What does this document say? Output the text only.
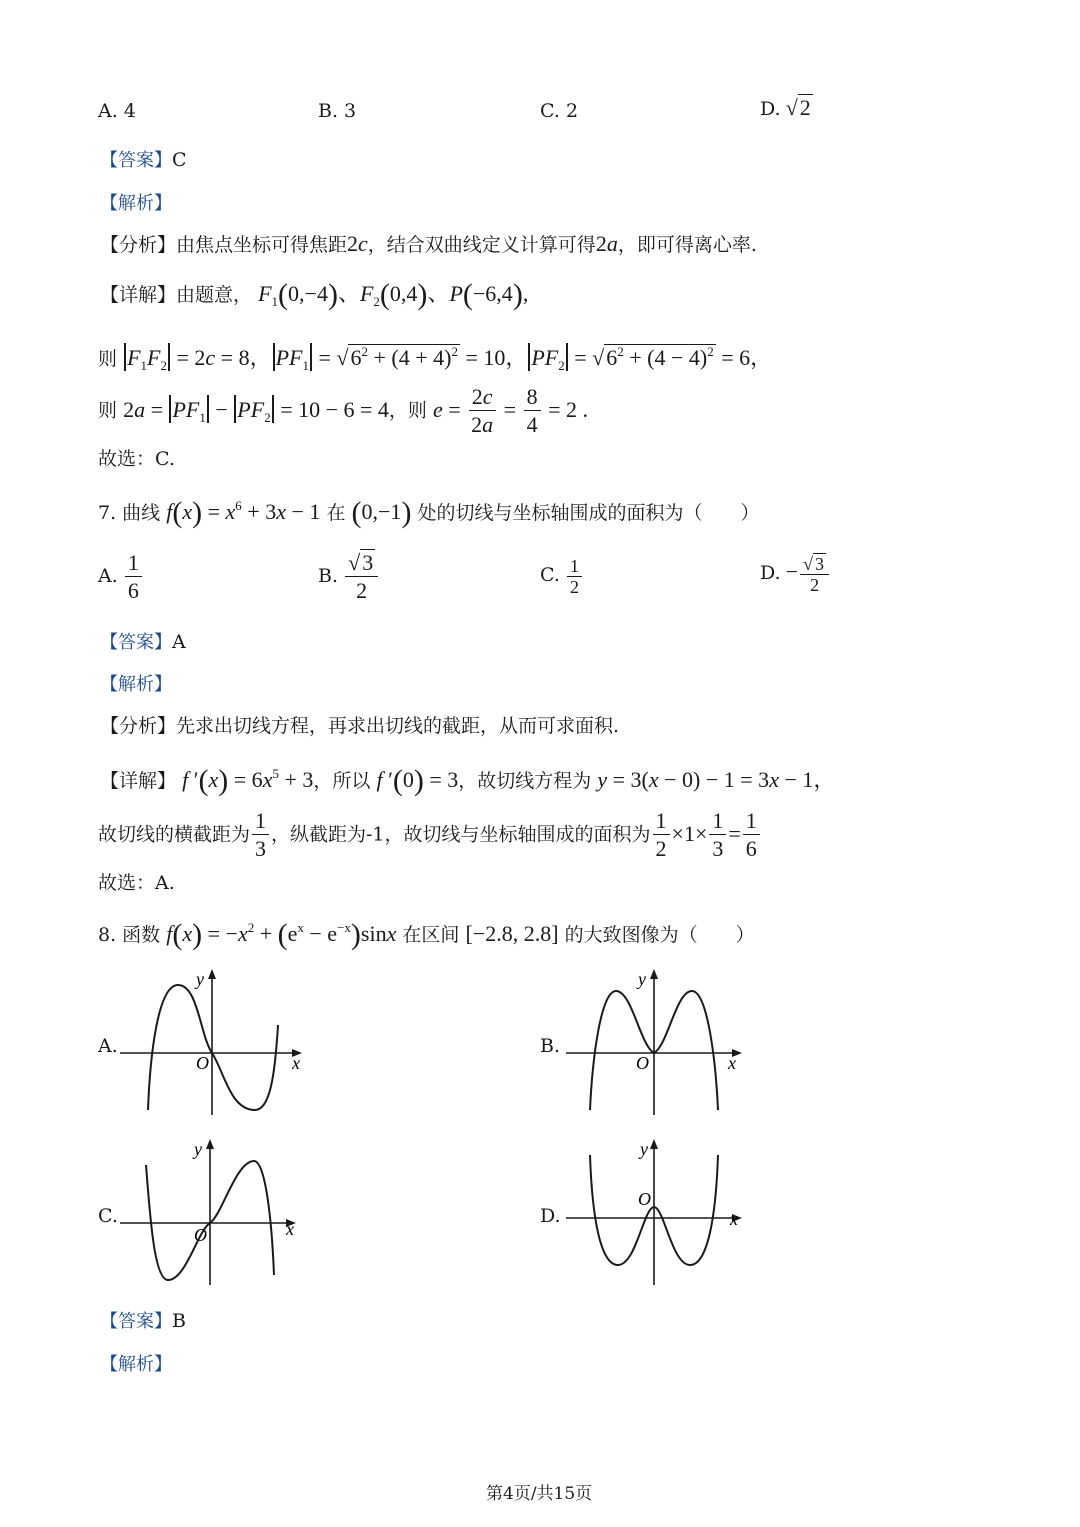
A. 4	B. 3	C. 2	D. √2
【答案】C
【解析】
【分析】由焦点坐标可得焦距2c，结合双曲线定义计算可得2a，即可得离心率.
【详解】由题意， $F_1(0,-4)$、$F_2(0,4)$、P(−6,4),
则 $F_1F_2 = 2c = 8$， $PF_1 = √6^2 + (4 + 4)^2 = 10$， $PF_2 = √6^2 + (4 - 4)^2 = 6$，
则 $2a = PF_1 - PF_2 = 10 - 6 = 4$，则 $e = \frac{2c}{2a} = \frac{8}{4} = 2$ .
故选：C.
7. 曲线 $f(x) = x^6 + 3x - 1$ 在 (0,−1) 处的切线与坐标轴围成的面积为（　　）
A. $\frac{1}{6}$	B. $\frac{√3}{2}$	C. $\frac{1}{2}$	D. − $\frac{√ 3}{2}$
【答案】A
【解析】
【分析】先求出切线方程，再求出切线的截距，从而可求面积.
【详解】 f $'(x) = 6x^5 + 3$，所以 f ′(0) = 3，故切线方程为 y = 3(x − 0) − 1 = 3x − 1，
故切线的横截距为 $\frac{1}{3}$ ，纵截距为-1，故切线与坐标轴围成的面积为 $\frac{1}{2} \times 1\times \frac{1}{3} = \frac{1}{6}$
故选：A.
8. 函数 $f(x) = -x^2 + (e^x - e^{-x})\sin x$ 在区间 [−2.8, 2.8] 的大致图像为（　　）
A.
y
x
O
B.
y
x
O
C.
y
x
O
D.
y
x
O
【答案】B
【解析】
第4页/共15页
